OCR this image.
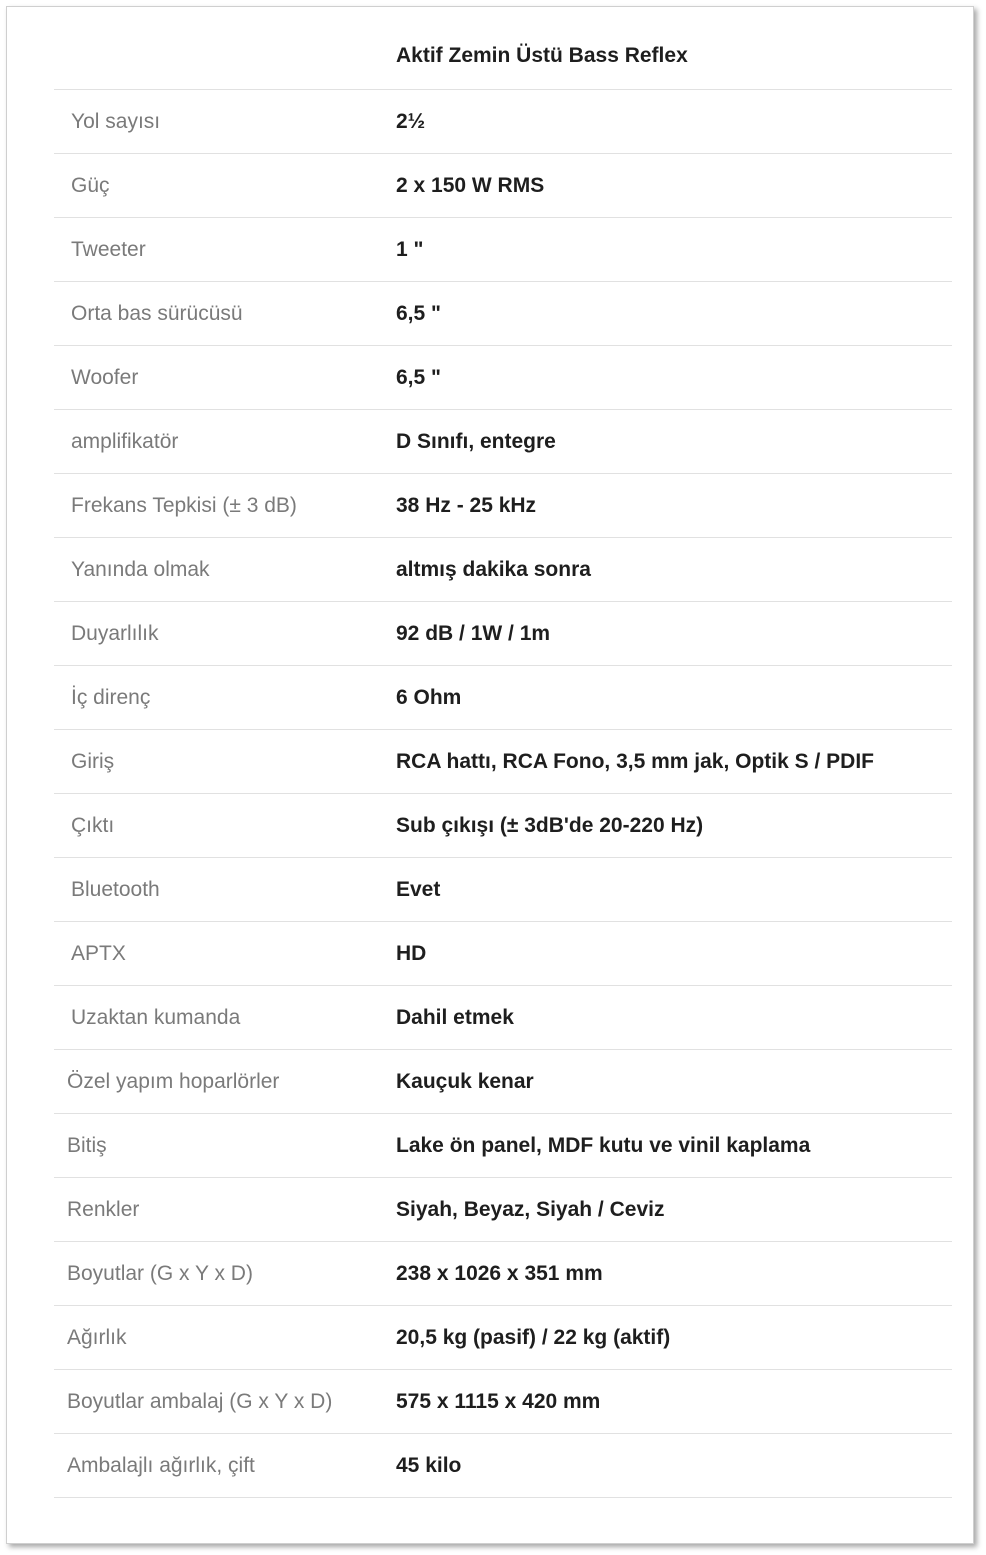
	Aktif Zemin Üstü Bass Reflex
Yol sayısı	2½
Güç	2 x 150 W RMS
Tweeter	1 "
Orta bas sürücüsü	6,5 "
Woofer	6,5 "
amplifikatör	D Sınıfı, entegre
Frekans Tepkisi (± 3 dB)	38 Hz - 25 kHz
Yanında olmak	altmış dakika sonra
Duyarlılık	92 dB / 1W / 1m
İç direnç	6 Ohm
Giriş	RCA hattı, RCA Fono, 3,5 mm jak, Optik S / PDIF
Çıktı	Sub çıkışı (± 3dB'de 20-220 Hz)
Bluetooth	Evet
APTX	HD
Uzaktan kumanda	Dahil etmek
Özel yapım hoparlörler	Kauçuk kenar
Bitiş	Lake ön panel, MDF kutu ve vinil kaplama
Renkler	Siyah, Beyaz, Siyah / Ceviz
Boyutlar (G x Y x D)	238 x 1026 x 351 mm
Ağırlık	20,5 kg (pasif) / 22 kg (aktif)
Boyutlar ambalaj (G x Y x D)	575 x 1115 x 420 mm
Ambalajlı ağırlık, çift	45 kilo
